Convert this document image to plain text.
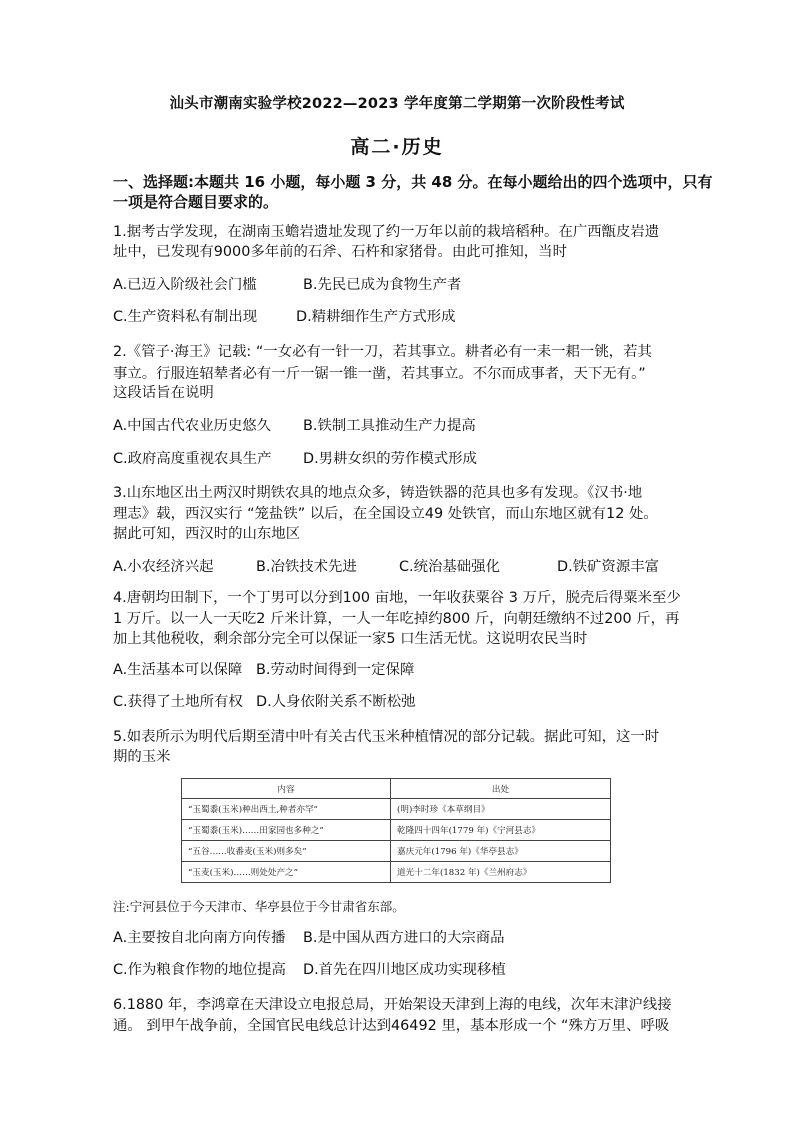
汕头市潮南实验学校2022—2023 学年度第二学期第一次阶段性考试
高二·历史
一、选择题:本题共 16 小题，每小题 3 分，共 48 分。在每小题给出的四个选项中，只有
一项是符合题目要求的。
1.据考古学发现，在湖南玉蟾岩遗址发现了约一万年以前的栽培稻种。在广西甑皮岩遗
址中，已发现有9000多年前的石斧、石杵和家猪骨。由此可推知，当时
A.已迈入阶级社会门槛	B.先民已成为食物生产者
C.生产资料私有制出现	D.精耕细作生产方式形成
2.《管子·海王》记载: “一女必有一针一刀，若其事立。耕者必有一耒一耜一铫，若其
事立。行服连轺辇者必有一斤一锯一锥一凿，若其事立。不尔而成事者，天下无有。”
这段话旨在说明
A.中国古代农业历史悠久 B.铁制工具推动生产力提高
C.政府高度重视农具生产 D.男耕女织的劳作模式形成
3.山东地区出土两汉时期铁农具的地点众多，铸造铁器的范具也多有发现。《汉书·地
理志》载，西汉实行 “笼盐铁” 以后，在全国设立49 处铁官，而山东地区就有12 处。
据此可知，西汉时的山东地区
A.小农经济兴起	B.冶铁技术先进	C.统治基础强化	D.铁矿资源丰富
4.唐朝均田制下，一个丁男可以分到100 亩地，一年收获粟谷 3 万斤，脱壳后得粟米至少
1 万斤。以一人一天吃2 斤米计算，一人一年吃掉约800 斤，向朝廷缴纳不过200 斤，再
加上其他税收，剩余部分完全可以保证一家5 口生活无忧。这说明农民当时
A.生活基本可以保障 B.劳动时间得到一定保障
C.获得了土地所有权 D.人身依附关系不断松弛
5.如表所示为明代后期至清中叶有关古代玉米种植情况的部分记载。据此可知，这一时
期的玉米
内容	出处
“玉蜀黍(玉米)种出西土,种者亦罕”	(明)李时珍《本草纲目》
“玉蜀黍(玉米)……田家园也多种之”	乾隆四十四年(1779 年)《宁河县志》
“五谷……收番麦(玉米)则多矣”	嘉庆元年(1796 年)《华亭县志》
“玉麦(玉米)……则处处产之”	道光十二年(1832 年)《兰州府志》
注:宁河县位于今天津市、华亭县位于今甘肃省东部。
A.主要按自北向南方向传播 B.是中国从西方进口的大宗商品
C.作为粮食作物的地位提高 D.首先在四川地区成功实现移植
6.1880 年，李鸿章在天津设立电报总局，开始架设天津到上海的电线，次年末津沪线接
通。 到甲午战争前，全国官民电线总计达到46492 里，基本形成一个 “殊方万里、呼吸
